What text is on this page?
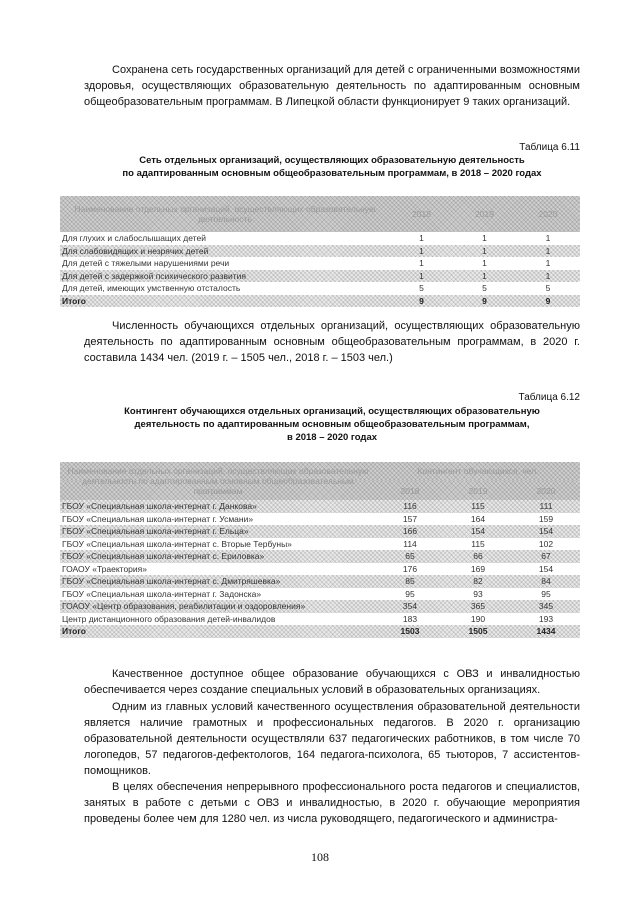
Сохранена сеть государственных организаций для детей с ограниченными возможностями здоровья, осуществляющих образовательную деятельность по адаптированным основным общеобразовательным программам. В Липецкой области функционирует 9 таких организаций.

Таблица 6.11

Сеть отдельных организаций, осуществляющих образовательную деятельность
по адаптированным основным общеобразовательным программам, в 2018 – 2020 годах

Наименование отдельных организаций, осуществляющих образовательную деятельность	2018	2019	2020
Для глухих и слабослышащих детей	1	1	1
Для слабовидящих и незрячих детей	1	1	1
Для детей с тяжелыми нарушениями речи	1	1	1
Для детей с задержкой психического развития	1	1	1
Для детей, имеющих умственную отсталость	5	5	5
Итого	9	9	9

Численность обучающихся отдельных организаций, осуществляющих образовательную деятельность по адаптированным основным общеобразовательным программам, в 2020 г. составила 1434 чел. (2019 г. – 1505 чел., 2018 г. – 1503 чел.)

Таблица 6.12

Контингент обучающихся отдельных организаций, осуществляющих образовательную
деятельность по адаптированным основным общеобразовательным программам,
в 2018 – 2020 годах

Наименование отдельных организаций, осуществляющих образовательную деятельность по адаптированным основным общеобразовательным программам	Контингент обучающихся, чел.		
	2018	2019	2020
ГБОУ «Специальная школа-интернат г. Данкова»	116	115	111
ГБОУ «Специальная школа-интернат г. Усмани»	157	164	159
ГБОУ «Специальная школа-интернат г. Ельца»	166	154	154
ГБОУ «Специальная школа-интернат с. Вторые Тербуны»	114	115	102
ГБОУ «Специальная школа-интернат с. Ериловка»	65	66	67
ГОАОУ «Траектория»	176	169	154
ГБОУ «Специальная школа-интернат с. Дмитряшевка»	85	82	84
ГБОУ «Специальная школа-интернат г. Задонска»	95	93	95
ГОАОУ «Центр образования, реабилитации и оздоровления»	354	365	345
Центр дистанционного образования детей-инвалидов	183	190	193
Итого	1503	1505	1434

Качественное доступное общее образование обучающихся с ОВЗ и инвалидностью обеспечивается через создание специальных условий в образовательных организациях.

Одним из главных условий качественного осуществления образовательной деятельности является наличие грамотных и профессиональных педагогов. В 2020 г. организацию образовательной деятельности осуществляли 637 педагогических работников, в том числе 70 логопедов, 57 педагогов-дефектологов, 164 педагога-психолога, 65 тьюторов, 7 ассистентов-помощников.

В целях обеспечения непрерывного профессионального роста педагогов и специалистов, занятых в работе с детьми с ОВЗ и инвалидностью, в 2020 г. обучающие мероприятия проведены более чем для 1280 чел. из числа руководящего, педагогического и администра-

108
